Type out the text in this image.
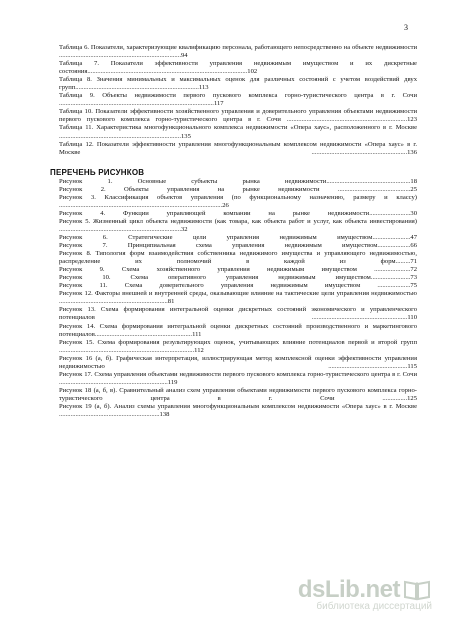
3

Таблица 6. Показатели, характеризующие квалификацию персонала, работающего непосредственно на объекте недвижимости ..........................................................................94

Таблица 7. Показатели эффективности управления недвижимым имуществом и их дискретные состояния.................................................................................................102

Таблица 8. Значения минимальных и максимальных оценок для различных состояний с учетом воздействий двух групп...........................................................................113

Таблица 9. Объекты недвижимости первого пускового комплекса горно-туристического центра в г. Сочи ..............................................................................................117

Таблица 10. Показатели эффективности хозяйственного управления и доверительного управления объектами недвижимости первого пускового комплекса горно-туристического центра в г. Сочи .........................................................................123

Таблица 11. Характеристика многофункционального комплекса недвижимости «Опера хаус», расположенного в г. Москве ..........................................................................135

Таблица 12. Показатели эффективности управления многофункциональным комплексом недвижимости «Опера хаус» в г. Москве ..........................................................136

ПЕРЕЧЕНЬ РИСУНКОВ

Рисунок 1. Основные субъекты рынка недвижимости...................................................18

Рисунок 2. Объекты управления на рынке недвижимости ............................................25

Рисунок 3. Классификация объектов управления (по функциональному назначению, размеру и классу) ...................................................................................................26

Рисунок 4. Функции управляющей компании на рынке недвижимости.........................30

Рисунок 5. Жизненный цикл объекта недвижимости (как товара, как объекта работ и услуг, как объекта инвестирования) ..........................................................................32

Рисунок 6. Стратегические цели управления недвижимым имуществом.......................47

Рисунок 7. Принципиальная схема управления недвижимым имуществом....................66

Рисунок 8. Типология форм взаимодействия собственника недвижимого имущества и управляющего недвижимостью, распределение их полномочий в каждой из форм.........71

Рисунок 9. Схема хозяйственного управления недвижимым имуществом ......................72

Рисунок 10. Схема оперативного управления недвижимым имуществом........................73

Рисунок 11. Схема доверительного управления недвижимым имуществом ....................75

Рисунок 12. Факторы внешней и внутренней среды, оказывающие влияние на тактические цели управления недвижимостью ..................................................................81

Рисунок 13. Схема формирования интегральной оценки дискретных состояний экономического и управленческого потенциалов ..........................................................110

Рисунок 14. Схема формирования интегральной оценки дискретных состояний производственного и маркетингового потенциалов...........................................................111

Рисунок 15. Схема формирования результирующих оценок, учитывающих влияние потенциалов первой и второй групп ..................................................................................112

Рисунок 16 (а, б). Графическая интерпретация, иллюстрирующая метод комплексной оценки эффективности управления недвижимостью ................................................115

Рисунок 17. Схема управления объектами недвижимости первого пускового комплекса горно-туристического центра в г. Сочи ..................................................................119

Рисунок 18 (а, б, в). Сравнительный анализ схем управления объектами недвижимости первого пускового комплекса горно-туристического центра в г. Сочи ...............125

Рисунок 19 (а, б). Анализ схемы управления многофункциональным комплексом недвижимости «Опера хаус» в г. Москве .............................................................138

dsLib.net
библиотека диссертаций
